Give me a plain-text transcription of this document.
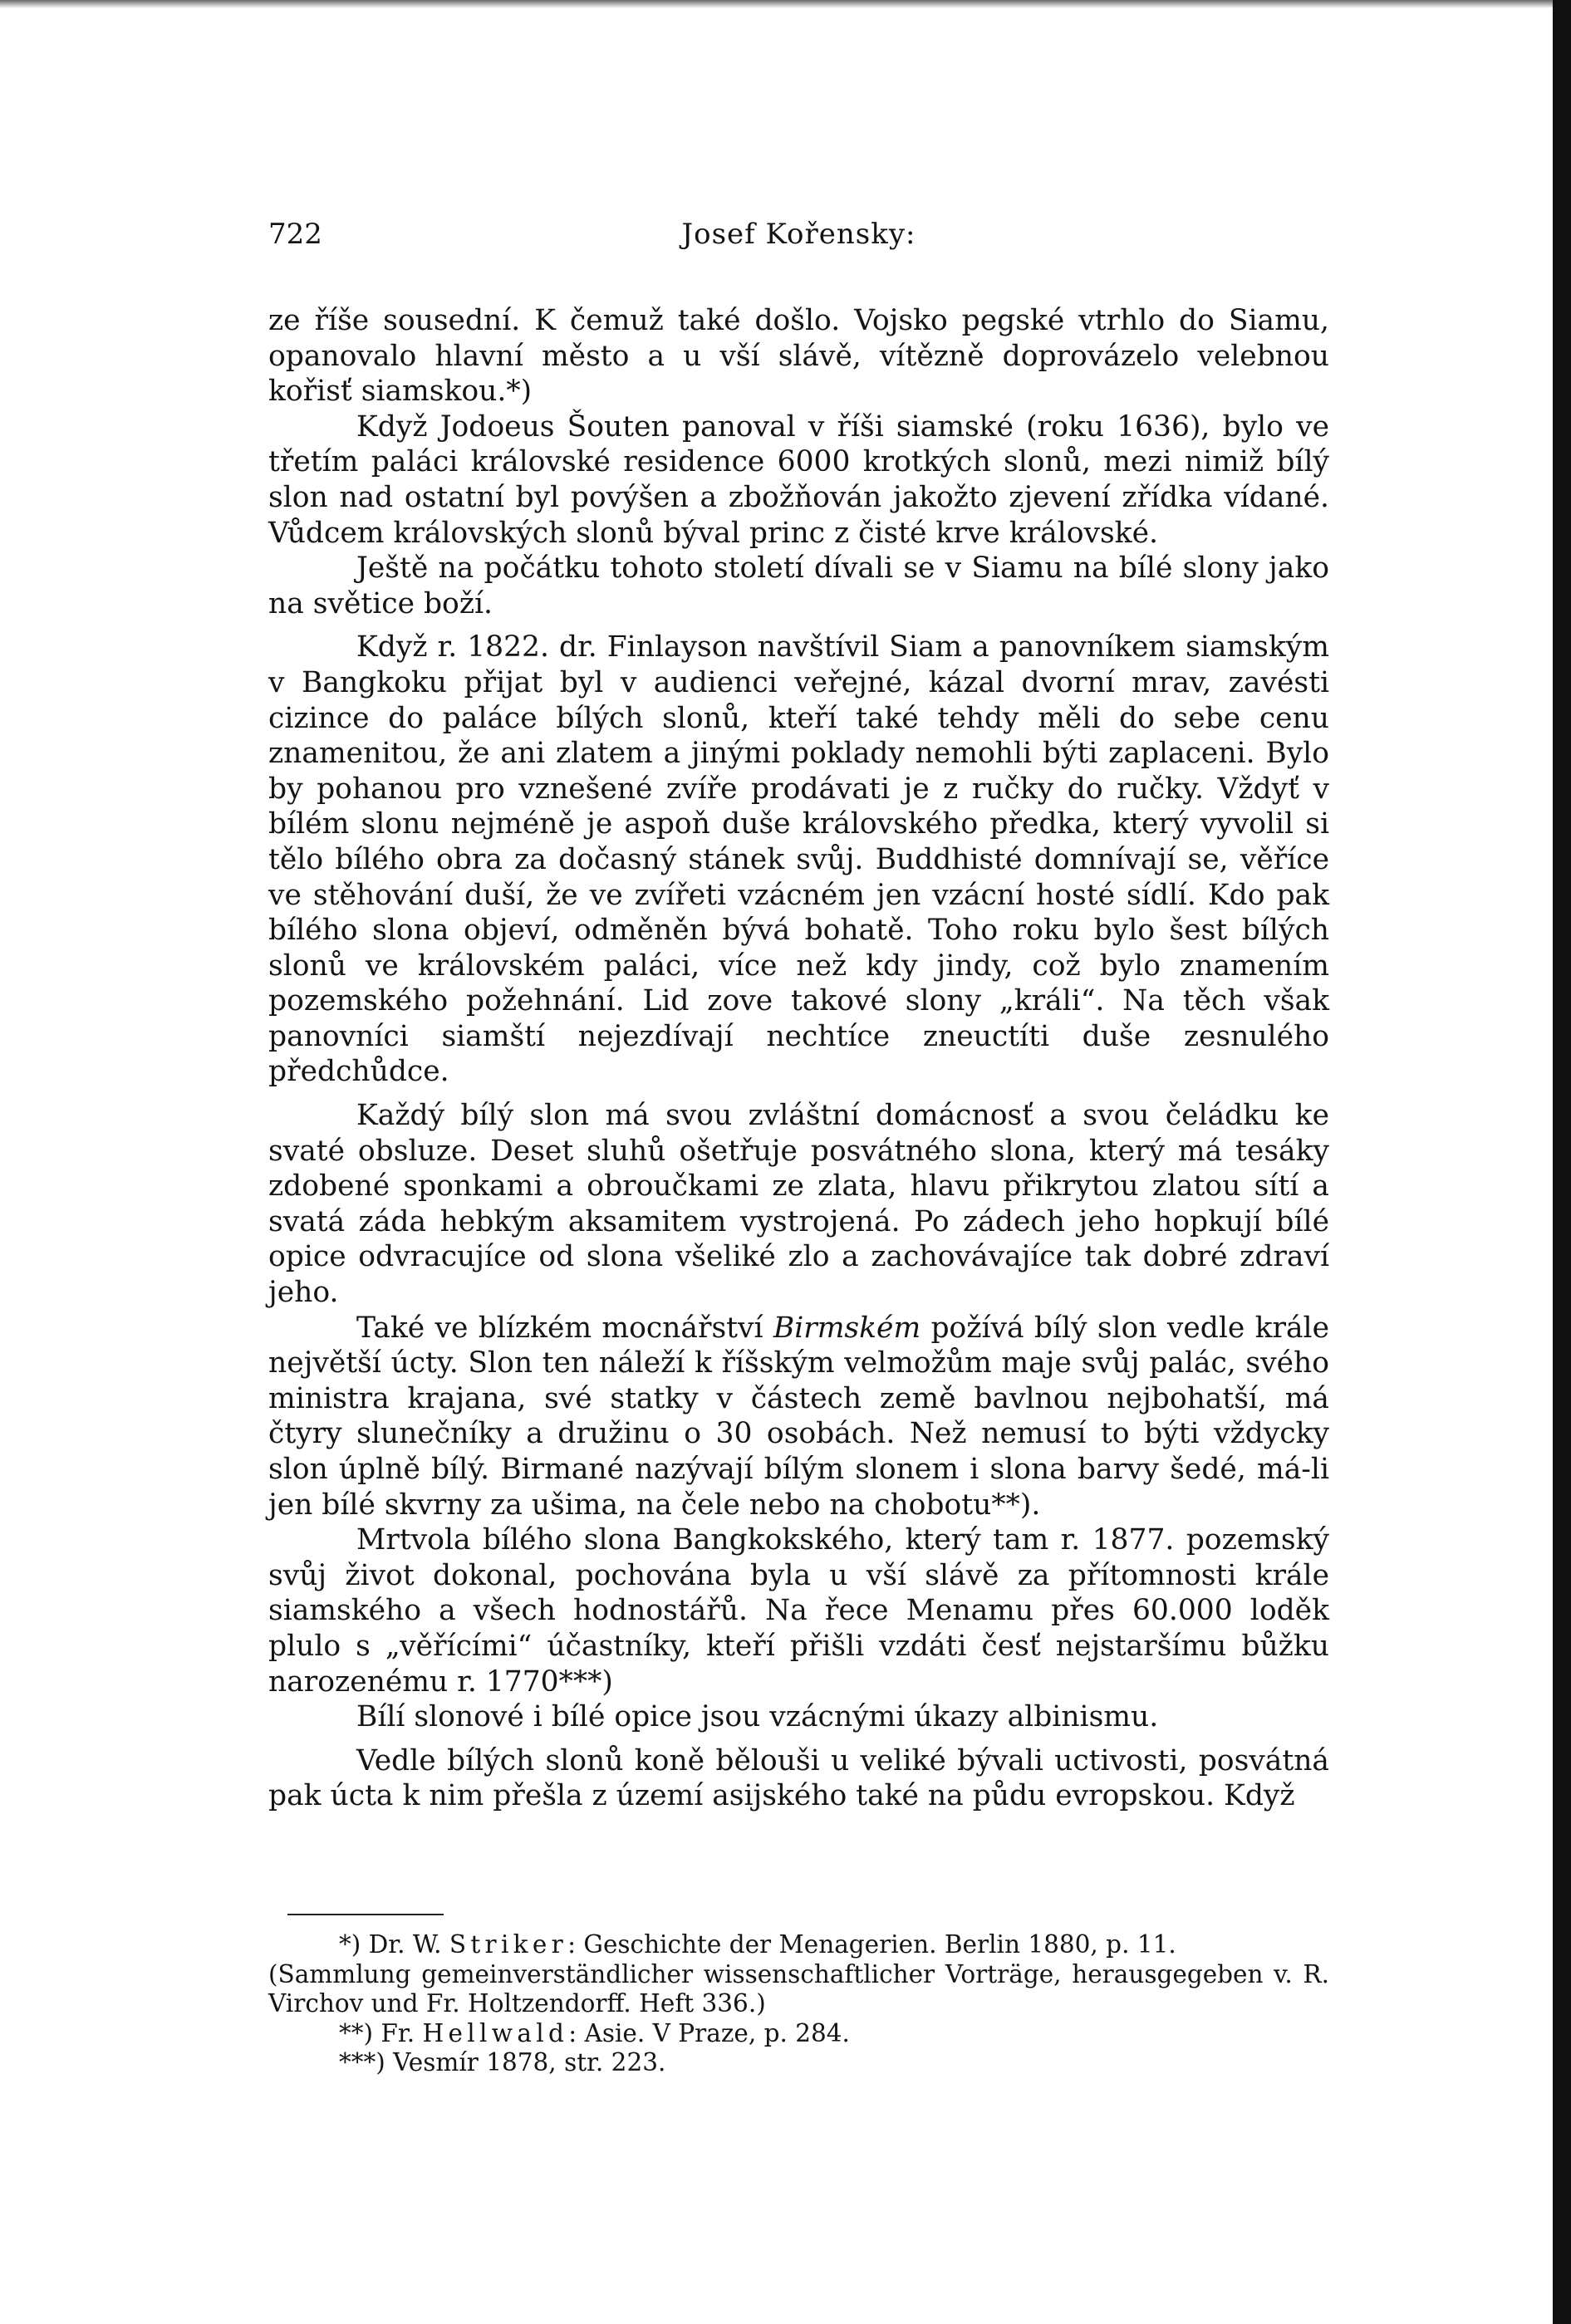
722	Josef Kořensky:

ze říše sousední. K čemuž také došlo. Vojsko pegské vtrhlo do Siamu, opanovalo hlavní město a u vší slávě, vítězně doprovázelo velebnou kořisť siamskou.*)

Když Jodoeus Šouten panoval v říši siamské (roku 1636), bylo ve třetím paláci královské residence 6000 krotkých slonů, mezi nimiž bílý slon nad ostatní byl povýšen a zbožňován jakožto zjevení zřídka vídané. Vůdcem královských slonů býval princ z čisté krve královské.

Ještě na počátku tohoto století dívali se v Siamu na bílé slony jako na světice boží.

Když r. 1822. dr. Finlayson navštívil Siam a panovníkem siamským v Bangkoku přijat byl v audienci veřejné, kázal dvorní mrav, zavésti cizince do paláce bílých slonů, kteří také tehdy měli do sebe cenu znamenitou, že ani zlatem a jinými poklady nemohli býti zaplaceni. Bylo by pohanou pro vznešené zvíře prodávati je z ručky do ručky. Vždyť v bílém slonu nejméně je aspoň duše královského předka, který vyvolil si tělo bílého obra za dočasný stánek svůj. Buddhisté domnívají se, věříce ve stěhování duší, že ve zvířeti vzácném jen vzácní hosté sídlí. Kdo pak bílého slona objeví, odměněn bývá bohatě. Toho roku bylo šest bílých slonů ve královském paláci, více než kdy jindy, což bylo znamením pozemského požehnání. Lid zove takové slony „králi“. Na těch však panovníci siamští nejezdívají nechtíce zneuctíti duše zesnulého předchůdce.

Každý bílý slon má svou zvláštní domácnosť a svou čeládku ke svaté obsluze. Deset sluhů ošetřuje posvátného slona, který má tesáky zdobené sponkami a obroučkami ze zlata, hlavu přikrytou zlatou sítí a svatá záda hebkým aksamitem vystrojená. Po zádech jeho hopkují bílé opice odvracujíce od slona všeliké zlo a zachovávajíce tak dobré zdraví jeho.

Také ve blízkém mocnářství Birmském požívá bílý slon vedle krále největší úcty. Slon ten náleží k říšským velmožům maje svůj palác, svého ministra krajana, své statky v částech země bavlnou nejbohatší, má čtyry slunečníky a družinu o 30 osobách. Než nemusí to býti vždycky slon úplně bílý. Birmané nazývají bílým slonem i slona barvy šedé, má-li jen bílé skvrny za ušima, na čele nebo na chobotu**).

Mrtvola bílého slona Bangkokského, který tam r. 1877. pozemský svůj život dokonal, pochována byla u vší slávě za přítomnosti krále siamského a všech hodnostářů. Na řece Menamu přes 60.000 loděk plulo s „věřícími“ účastníky, kteří přišli vzdáti česť nejstaršímu bůžku narozenému r. 1770***)

Bílí slonové i bílé opice jsou vzácnými úkazy albinismu.

Vedle bílých slonů koně bělouši u veliké bývali uctivosti, posvátná pak úcta k nim přešla z území asijského také na půdu evropskou. Když

*) Dr. W. Striker: Geschichte der Menagerien. Berlin 1880, p. 11.

(Sammlung gemeinverständlicher wissenschaftlicher Vorträge, herausgegeben v. R. Virchov und Fr. Holtzendorff. Heft 336.)

**) Fr. Hellwald: Asie. V Praze, p. 284.

***) Vesmír 1878, str. 223.
